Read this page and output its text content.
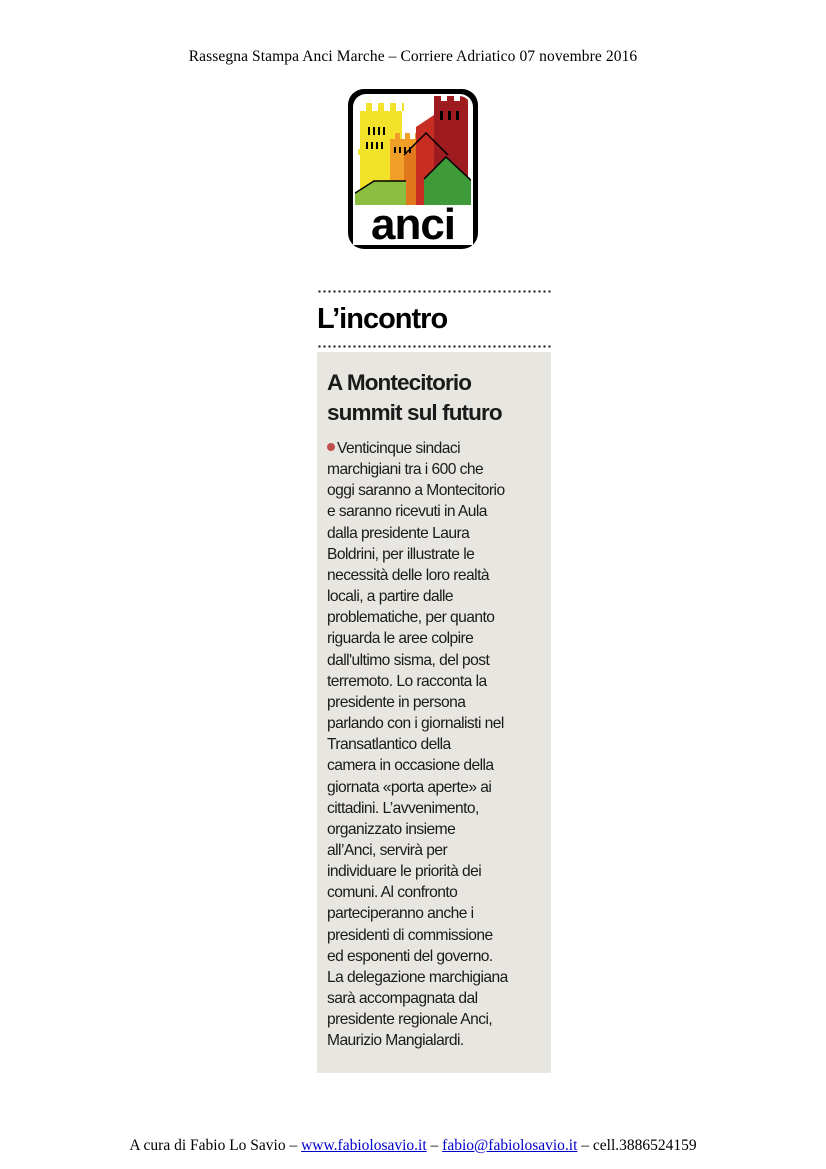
Rassegna Stampa Anci Marche – Corriere Adriatico 07 novembre 2016
anci
L’incontro
A Montecitorio
summit sul futuro
Venticinque sindaci
marchigiani tra i 600 che
oggi saranno a Montecitorio
e saranno ricevuti in Aula
dalla presidente Laura
Boldrini, per illustrate le
necessità delle loro realtà
locali, a partire dalle
problematiche, per quanto
riguarda le aree colpire
dall'ultimo sisma, del post
terremoto. Lo racconta la
presidente in persona
parlando con i giornalisti nel
Transatlantico della
camera in occasione della
giornata «porta aperte» ai
cittadini. L’avvenimento,
organizzato insieme
all’Anci, servirà per
individuare le priorità dei
comuni. Al confronto
parteciperanno anche i
presidenti di commissione
ed esponenti del governo.
La delegazione marchigiana
sarà accompagnata dal
presidente regionale Anci,
Maurizio Mangialardi.
A cura di Fabio Lo Savio – www.fabiolosavio.it – fabio@fabiolosavio.it – cell.3886524159
